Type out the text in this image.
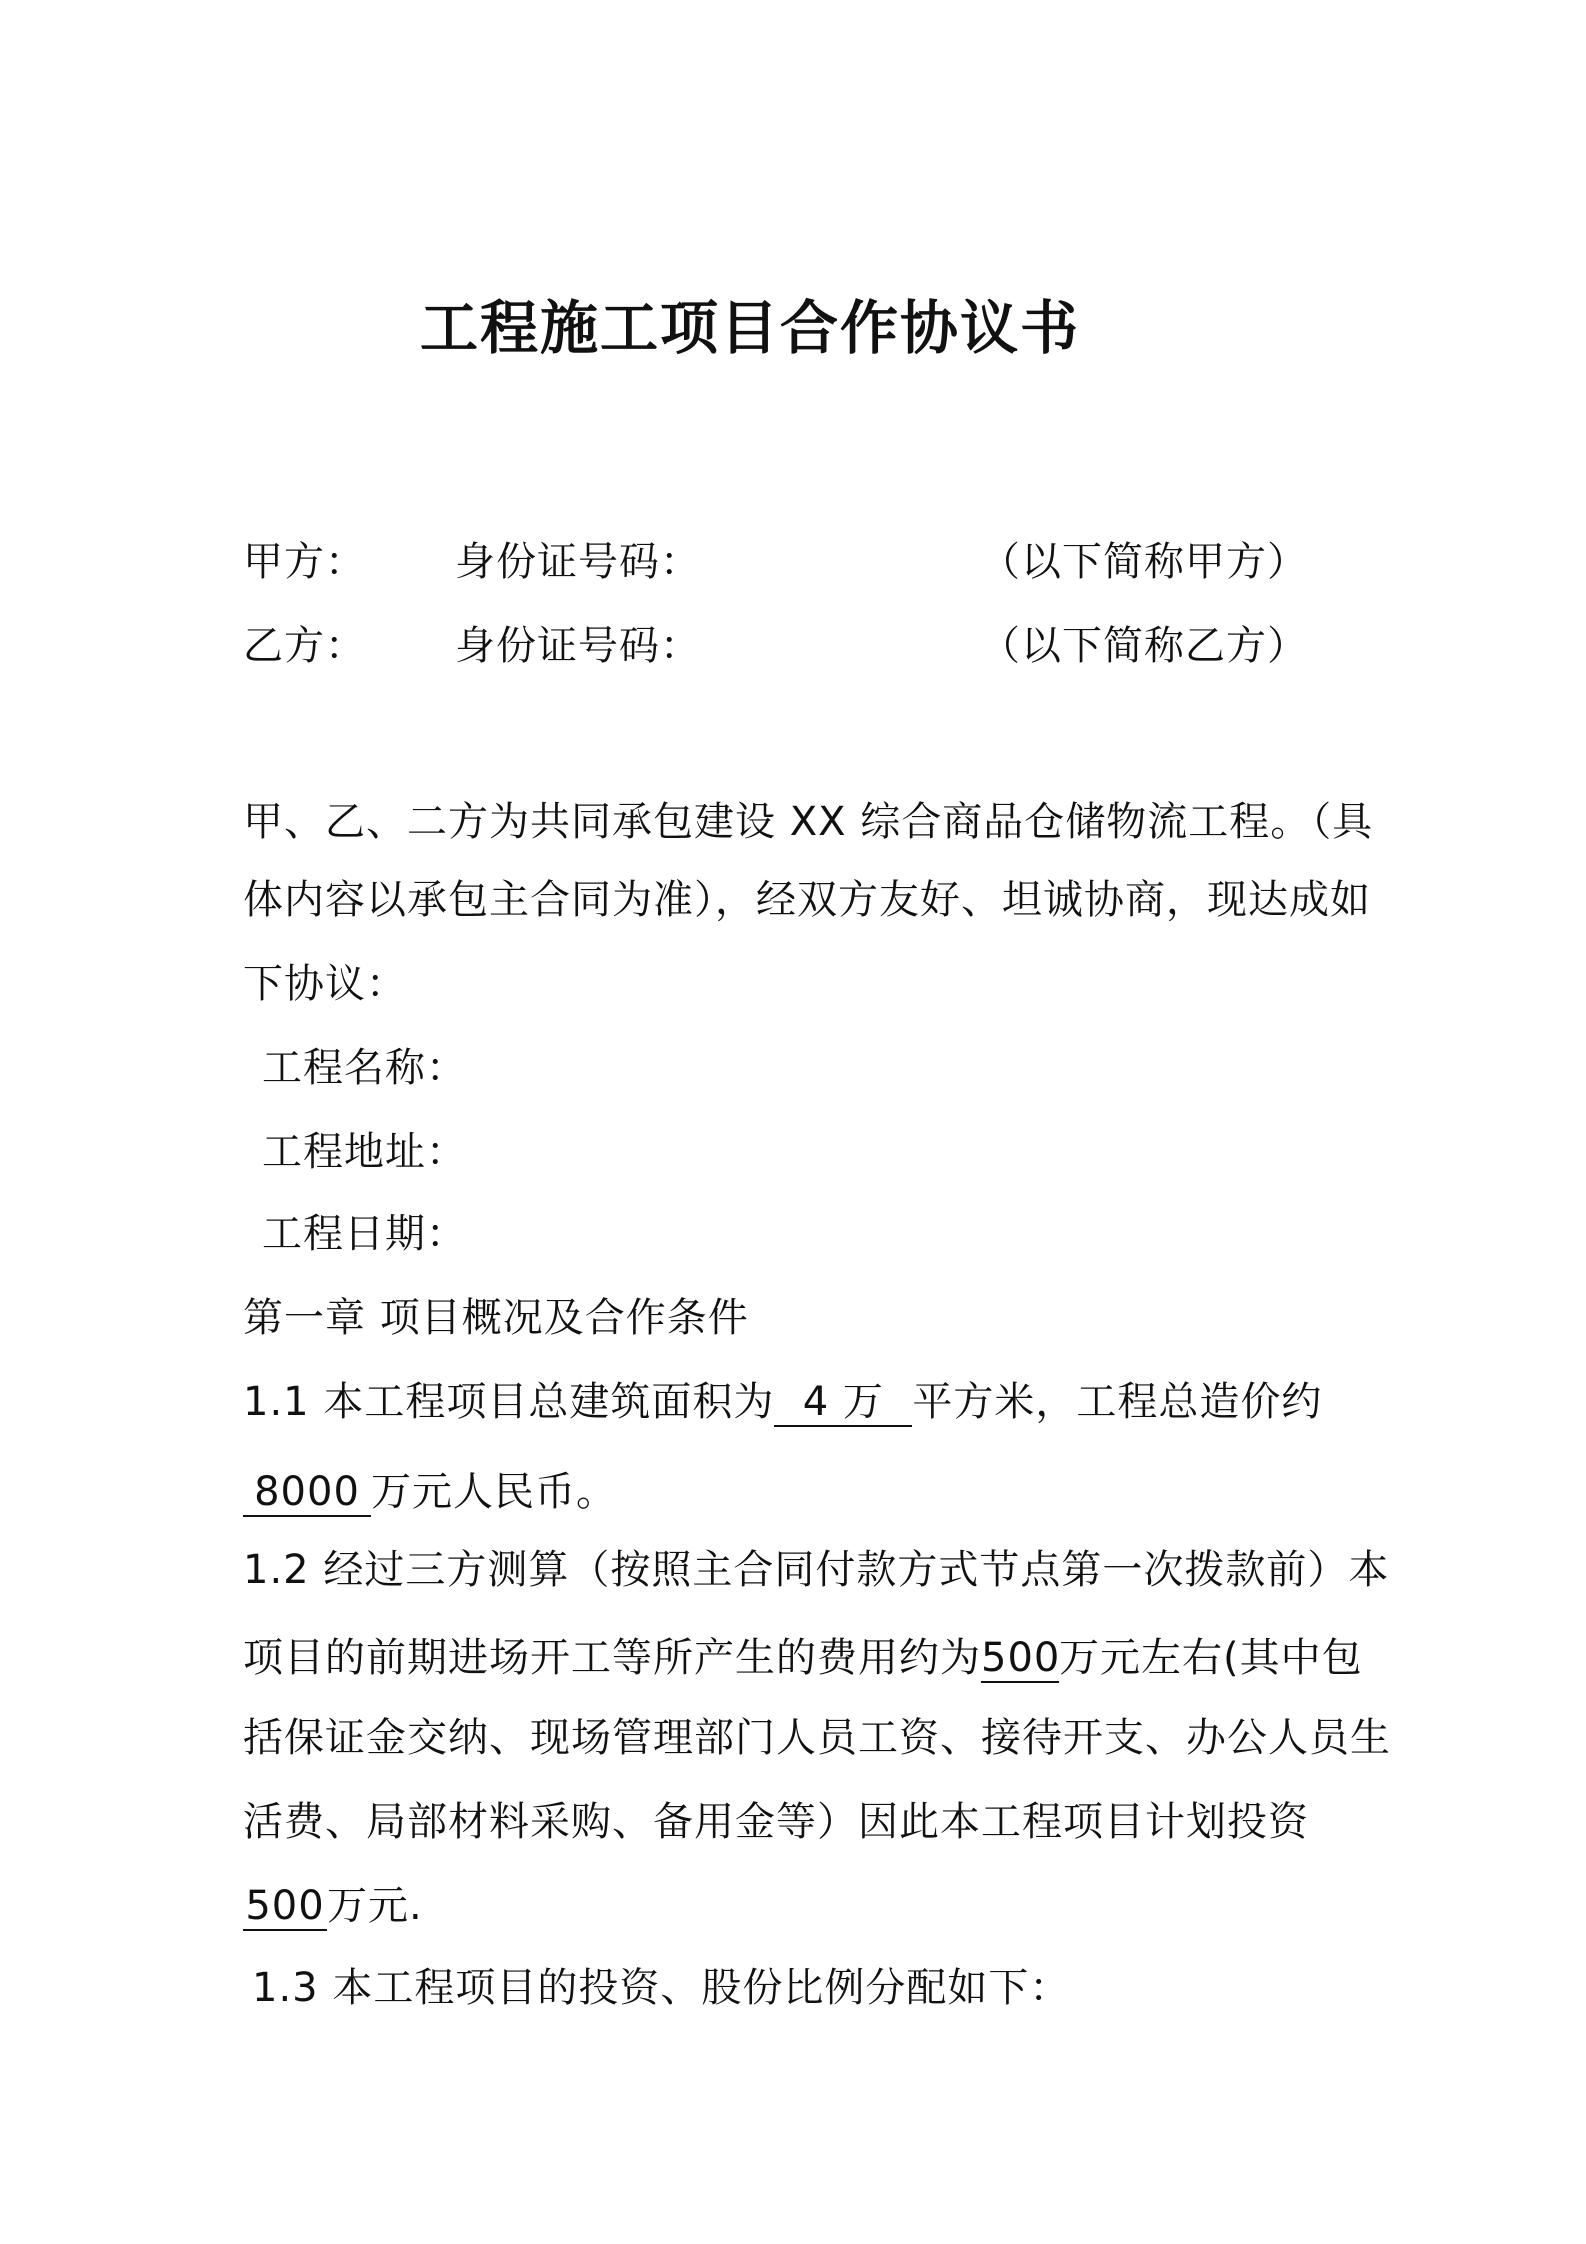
工程施工项目合作协议书
甲方： 身份证号码：	（以下简称甲方）
乙方： 身份证号码：	（以下简称乙方）
甲、乙、二方为共同承包建设 XX 综合商品仓储物流工程。（具
体内容以承包主合同为准），经双方友好、坦诚协商，现达成如
下协议：
工程名称：
工程地址：
工程日期：
第一章 项目概况及合作条件
1.1 本工程项目总建筑面积为 4 万 平方米，工程总造价约
8000 万元人民币。
1.2 经过三方测算（按照主合同付款方式节点第一次拨款前）本
项目的前期进场开工等所产生的费用约为500万元左右(其中包
括保证金交纳、现场管理部门人员工资、接待开支、办公人员生
活费、局部材料采购、备用金等）因此本工程项目计划投资
500万元.
1.3 本工程项目的投资、股份比例分配如下：
